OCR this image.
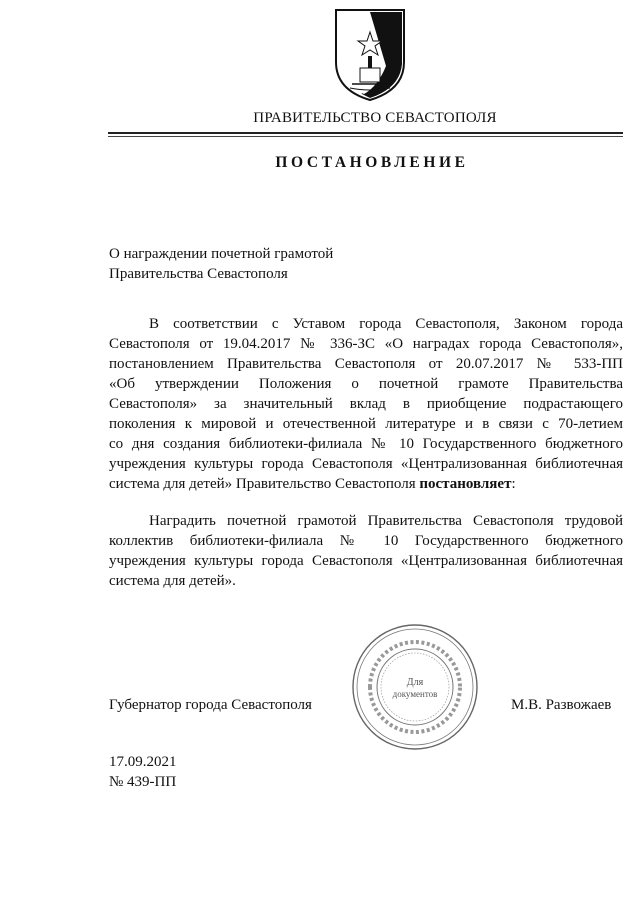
ПРАВИТЕЛЬСТВО СЕВАСТОПОЛЯ
ПОСТАНОВЛЕНИЕ
О награждении почетной грамотой
Правительства Севастополя
В соответствии с Уставом города Севастополя, Законом города
Севастополя от 19.04.2017 № 336-ЗС «О наградах города Севастополя»,
постановлением Правительства Севастополя от 20.07.2017 № 533-ПП
«Об утверждении Положения о почетной грамоте Правительства
Севастополя» за значительный вклад в приобщение подрастающего
поколения к мировой и отечественной литературе и в связи с 70-летием
со дня создания библиотеки-филиала № 10 Государственного бюджетного
учреждения культуры города Севастополя «Централизованная библиотечная
система для детей» Правительство Севастополя постановляет:
Наградить почетной грамотой Правительства Севастополя трудовой
коллектив библиотеки-филиала № 10 Государственного бюджетного
учреждения культуры города Севастополя «Централизованная библиотечная
система для детей».
Для
документов
Губернатор города Севастополя	М.В. Развожаев
17.09.2021
№ 439-ПП
